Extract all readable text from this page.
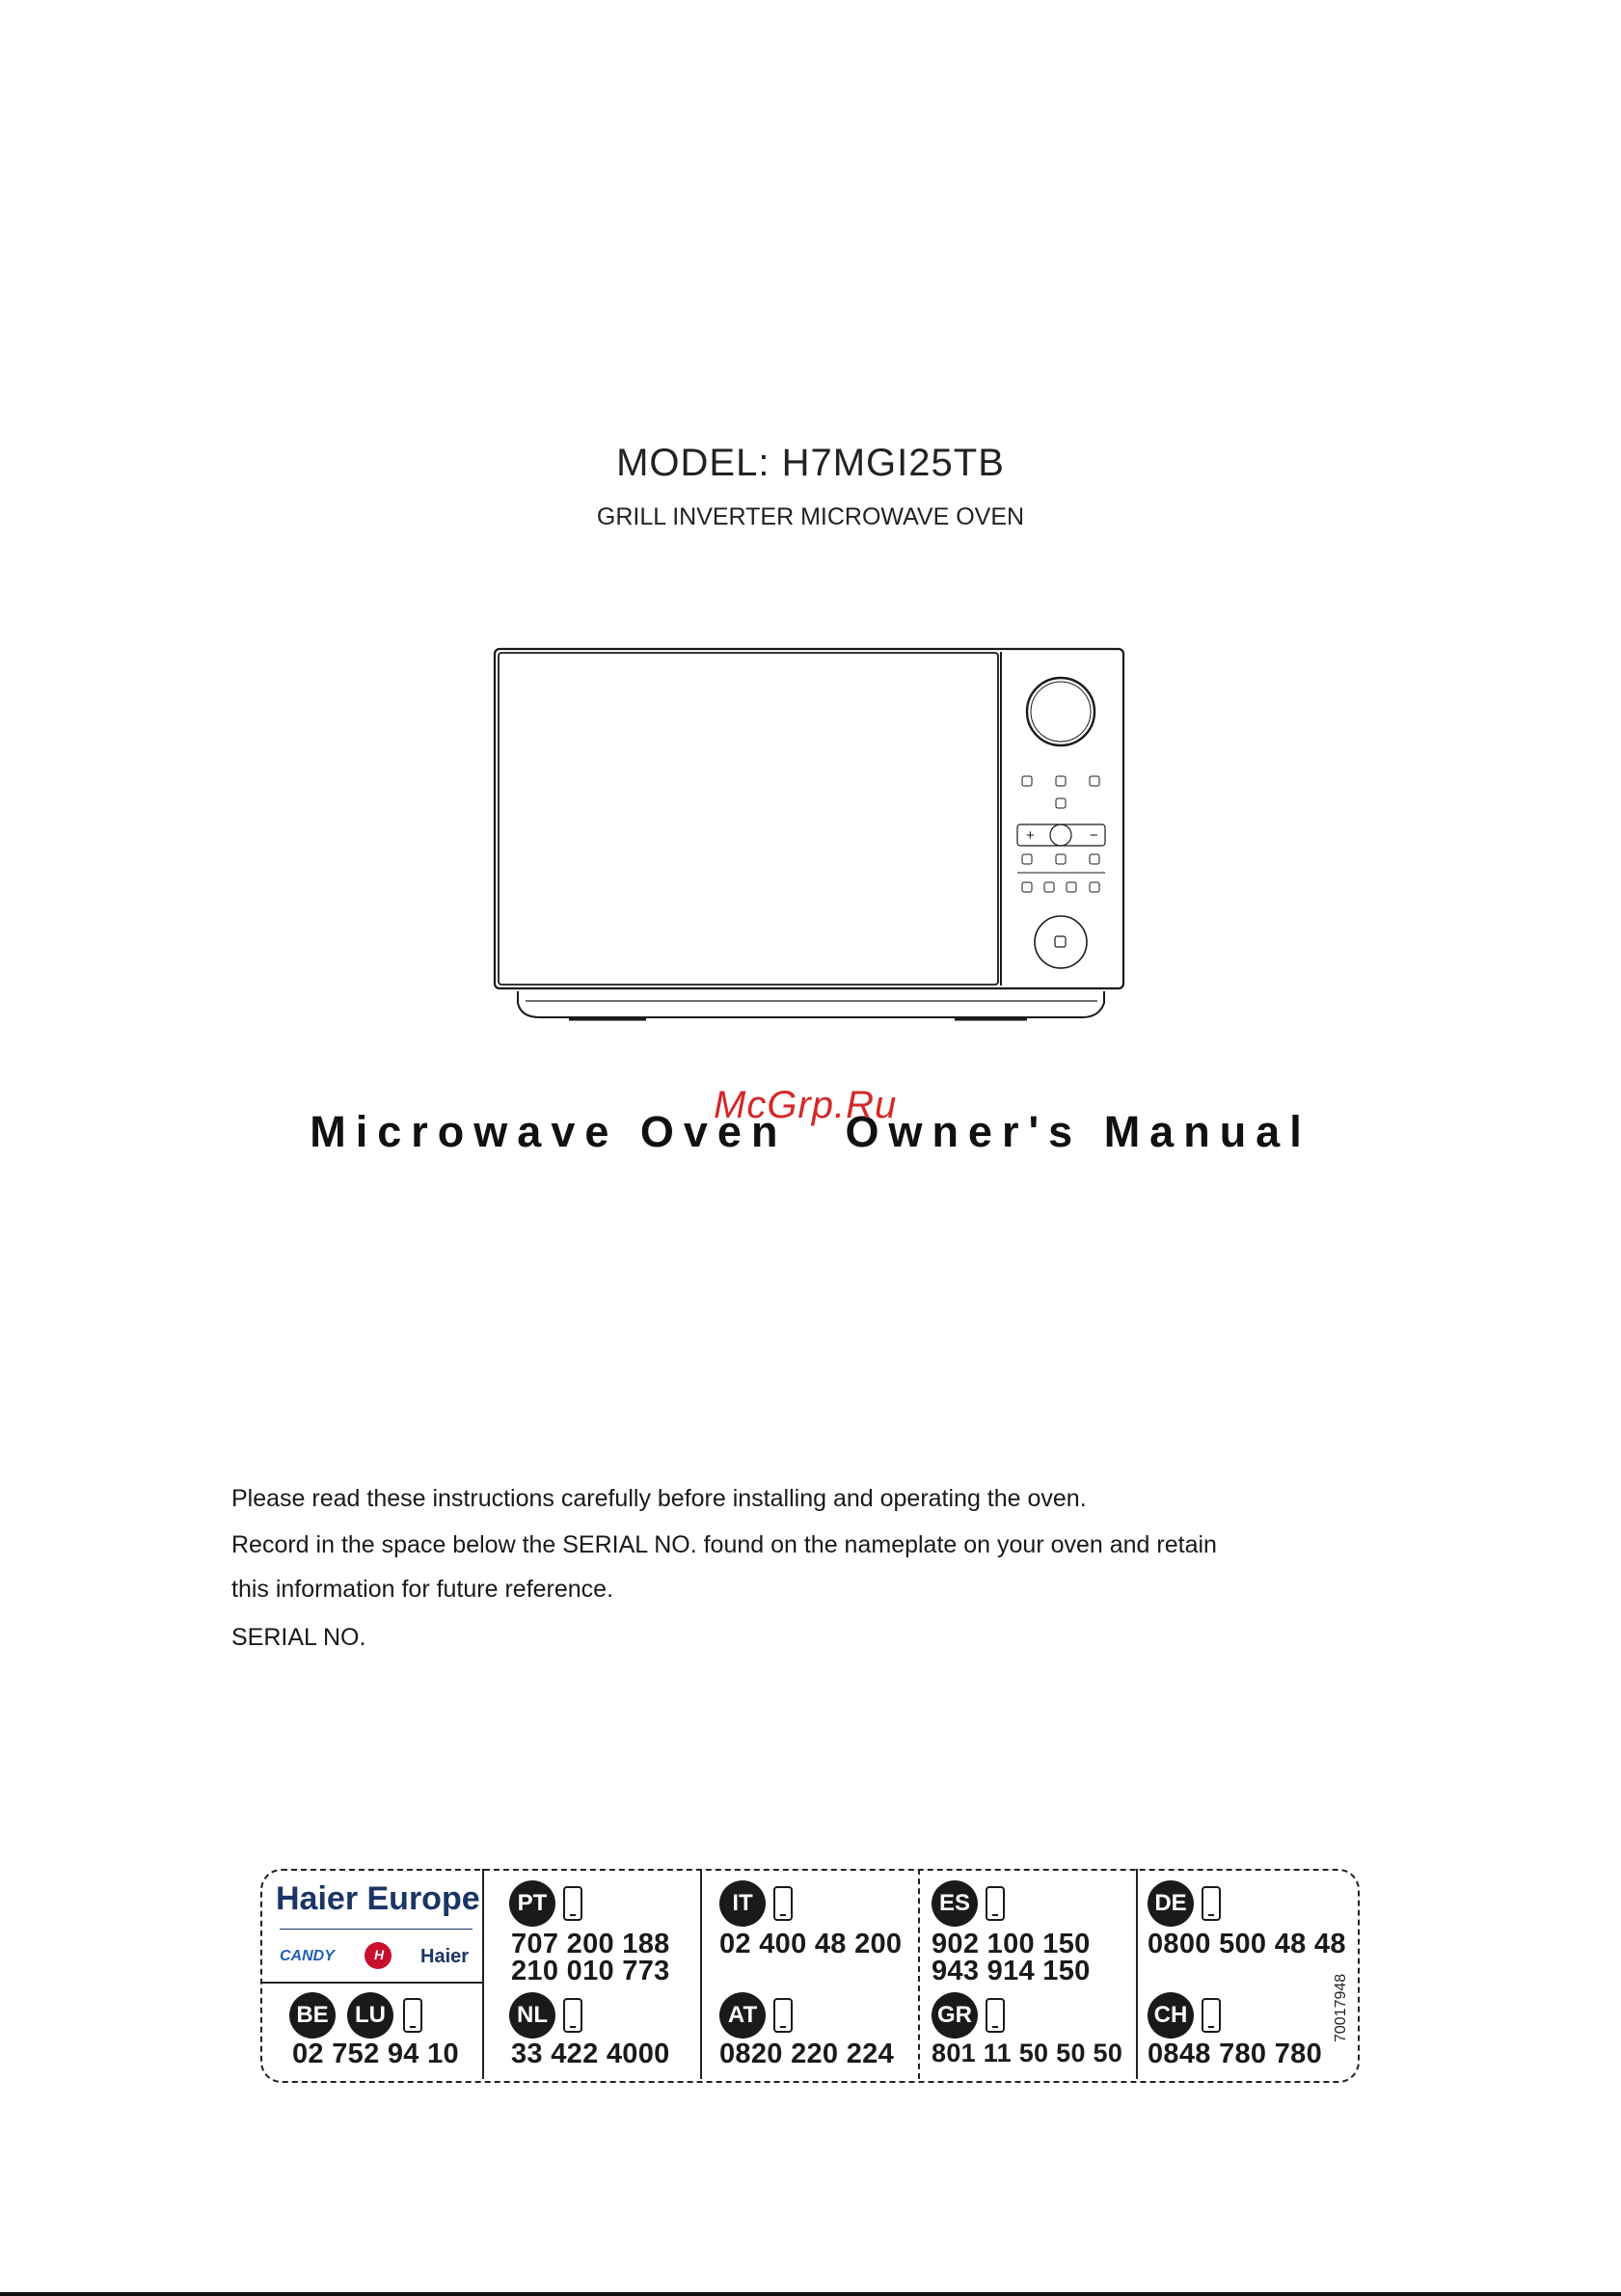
MODEL: H7MGI25TB
GRILL INVERTER MICROWAVE OVEN
+	−
Microwave Oven Owner's Manual
McGrp.Ru
Please read these instructions carefully before installing and operating the oven.
Record in the space below the SERIAL NO. found on the nameplate on your oven and retain
this information for future reference.
SERIAL NO.
Haier Europe
CANDY	H Haier
BE	LU
02 752 94 10
PT
707 200 188
210 010 773
NL
33 422 4000
IT
02 400 48 200
AT
0820 220 224
ES
902 100 150
943 914 150
GR
801 11 50 50 50
DE
0800 500 48 48
CH
0848 780 780
70017948
